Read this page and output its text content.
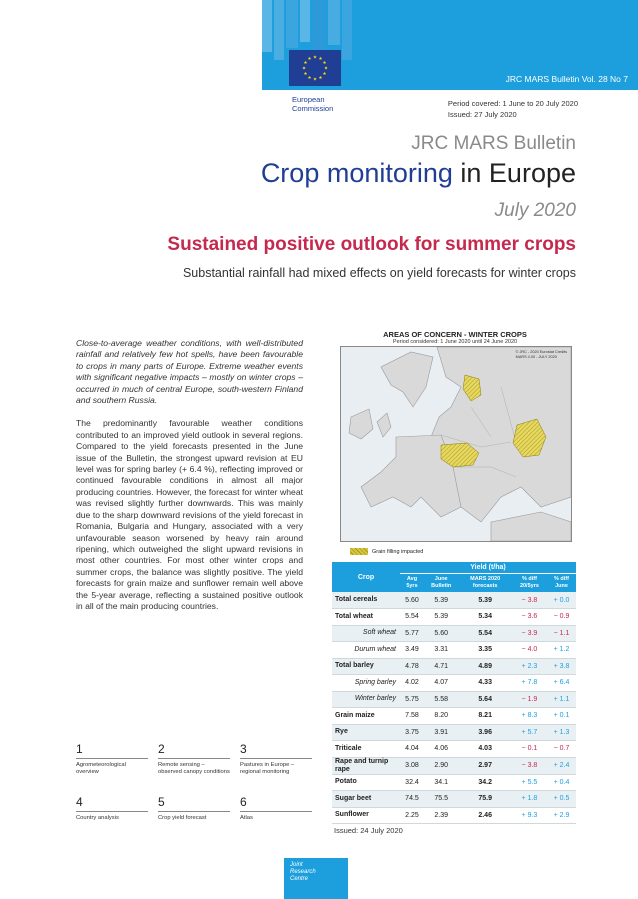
European
Commission
JRC MARS Bulletin Vol. 28 No 7
Period covered: 1 June to 20 July 2020
Issued: 27 July 2020
JRC MARS Bulletin
Crop monitoring in Europe
July 2020
Sustained positive outlook for summer crops
Substantial rainfall had mixed effects on yield forecasts for winter crops

Close-to-average weather conditions, with well-distributed rainfall and relatively few hot spells, have been favourable to crops in many parts of Europe. Extreme weather events with significant negative impacts – mostly on winter crops – occurred in much of central Europe, south-western Finland and southern Russia.

The predominantly favourable weather conditions contributed to an improved yield outlook in several regions. Compared to the yield forecasts presented in the June issue of the Bulletin, the strongest upward revision at EU level was for spring barley (+ 6.4 %), reflecting improved or continued favourable conditions in almost all major producing countries. However, the forecast for winter wheat was revised slightly further downwards. This was mainly due to the sharp downward revisions of the yield forecast in Romania, Bulgaria and Hungary, associated with a very unfavourable season worsened by heavy rain around ripening, which outweighed the slight upward revisions in most other countries. For most other winter crops and summer crops, the balance was slightly positive. The yield forecasts for grain maize and sunflower remain well above the 5-year average, reflecting a sustained positive outlook in all of the main producing countries.

1
Agrometeorological overview
2
Remote sensing – observed canopy conditions
3
Pastures in Europe – regional monitoring
4
Country analysis
5
Crop yield forecast
6
Atlas
Joint
Research
Centre
AREAS OF CONCERN - WINTER CROPS
Period considered: 1 June 2020 until 24 June 2020
© JRC - 2020 Eurostat Credits
MARS 4.00 - JULY 2020
Grain filling impacted
Crop	Yield (t/ha)				
	Avg 5yrs	June Bulletin	MARS 2020 forecasts	% diff 20/5yrs	% diff June
Total cereals	5.60	5.39	5.39	− 3.8	+ 0.0
Total wheat	5.54	5.39	5.34	− 3.6	− 0.9
Soft wheat	5.77	5.60	5.54	− 3.9	− 1.1
Durum wheat	3.49	3.31	3.35	− 4.0	+ 1.2
Total barley	4.78	4.71	4.89	+ 2.3	+ 3.8
Spring barley	4.02	4.07	4.33	+ 7.8	+ 6.4
Winter barley	5.75	5.58	5.64	− 1.9	+ 1.1
Grain maize	7.58	8.20	8.21	+ 8.3	+ 0.1
Rye	3.75	3.91	3.96	+ 5.7	+ 1.3
Triticale	4.04	4.06	4.03	− 0.1	− 0.7
Rape and turnip rape	3.08	2.90	2.97	− 3.8	+ 2.4
Potato	32.4	34.1	34.2	+ 5.5	+ 0.4
Sugar beet	74.5	75.5	75.9	+ 1.8	+ 0.5
Sunflower	2.25	2.39	2.46	+ 9.3	+ 2.9
Issued: 24 July 2020
